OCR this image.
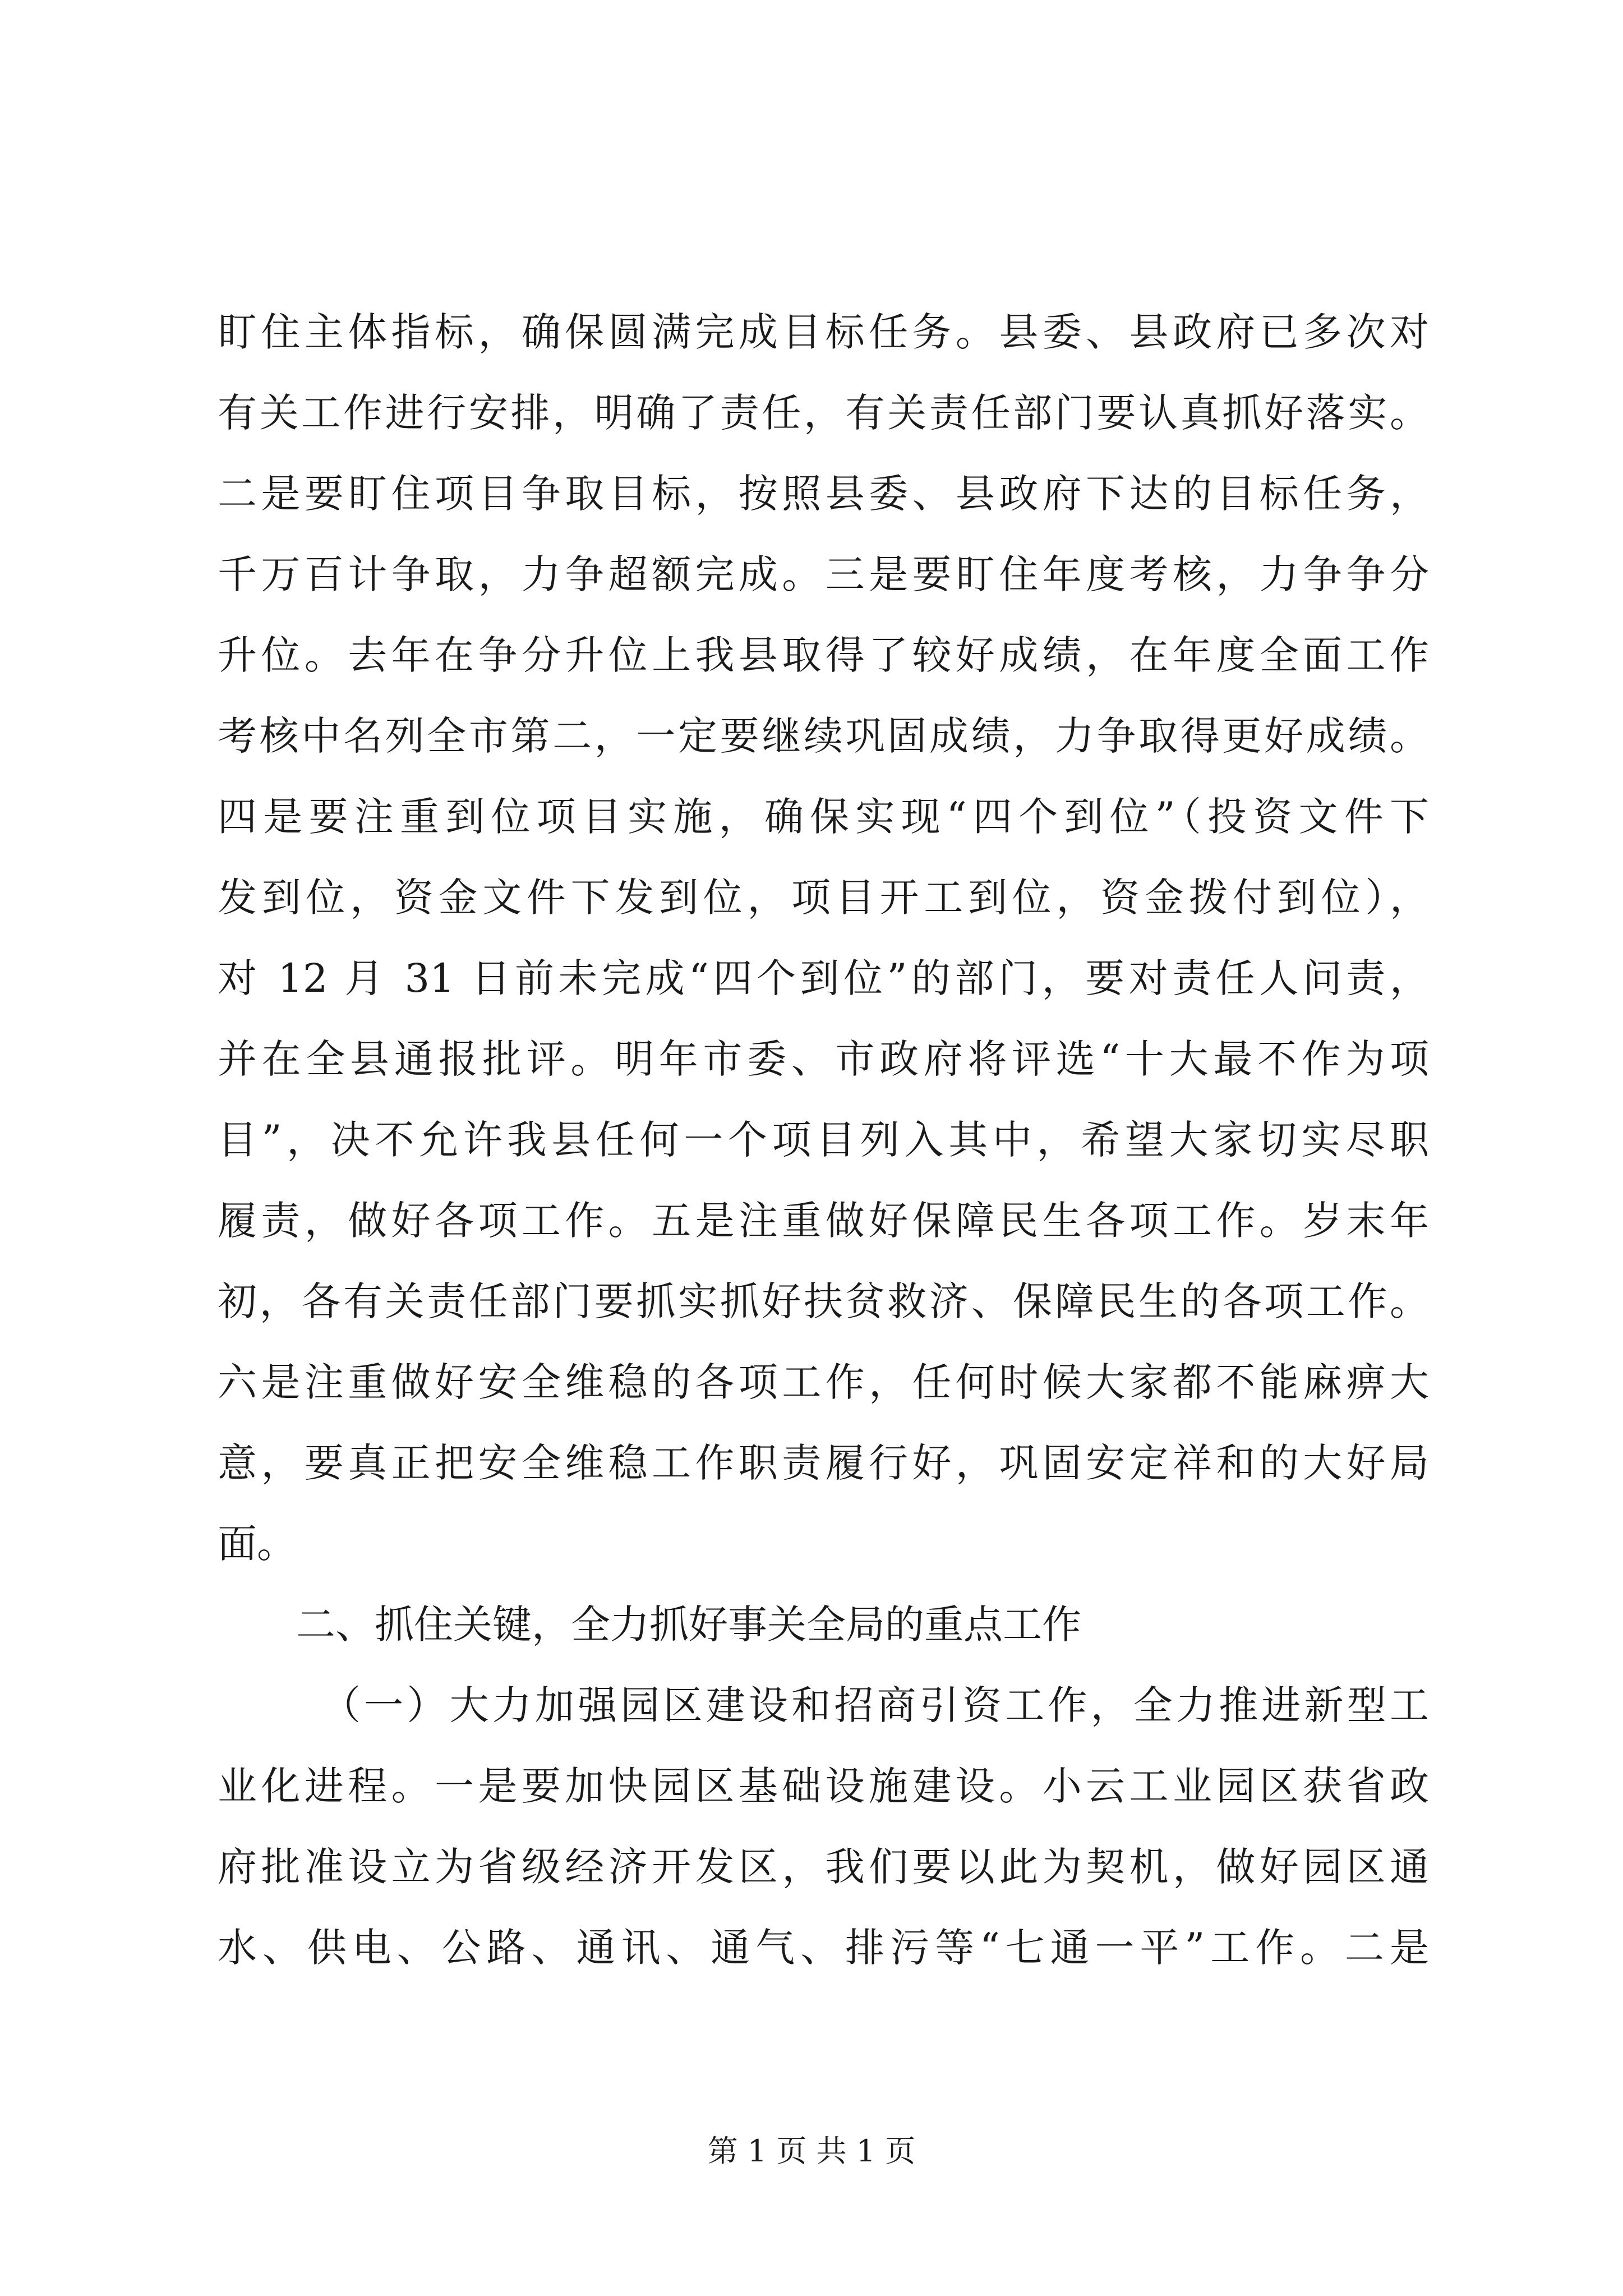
盯住主体指标，确保圆满完成目标任务。县委、县政府已多次对
有关工作进行安排，明确了责任，有关责任部门要认真抓好落实。
二是要盯住项目争取目标，按照县委、县政府下达的目标任务，
千万百计争取，力争超额完成。三是要盯住年度考核，力争争分
升位。去年在争分升位上我县取得了较好成绩，在年度全面工作
考核中名列全市第二，一定要继续巩固成绩，力争取得更好成绩。
四是要注重到位项目实施，确保实现“四个到位”（投资文件下
发到位，资金文件下发到位，项目开工到位，资金拨付到位），
对 12 月 31 日前未完成“四个到位”的部门，要对责任人问责，
并在全县通报批评。明年市委、市政府将评选“十大最不作为项
目”，决不允许我县任何一个项目列入其中，希望大家切实尽职
履责，做好各项工作。五是注重做好保障民生各项工作。岁末年
初，各有关责任部门要抓实抓好扶贫救济、保障民生的各项工作。
六是注重做好安全维稳的各项工作，任何时候大家都不能麻痹大
意，要真正把安全维稳工作职责履行好，巩固安定祥和的大好局
面。
二、抓住关键，全力抓好事关全局的重点工作
（一）大力加强园区建设和招商引资工作，全力推进新型工
业化进程。一是要加快园区基础设施建设。小云工业园区获省政
府批准设立为省级经济开发区，我们要以此为契机，做好园区通
水、供电、公路、通讯、通气、排污等“七通一平”工作。二是
第 1 页 共 1 页
